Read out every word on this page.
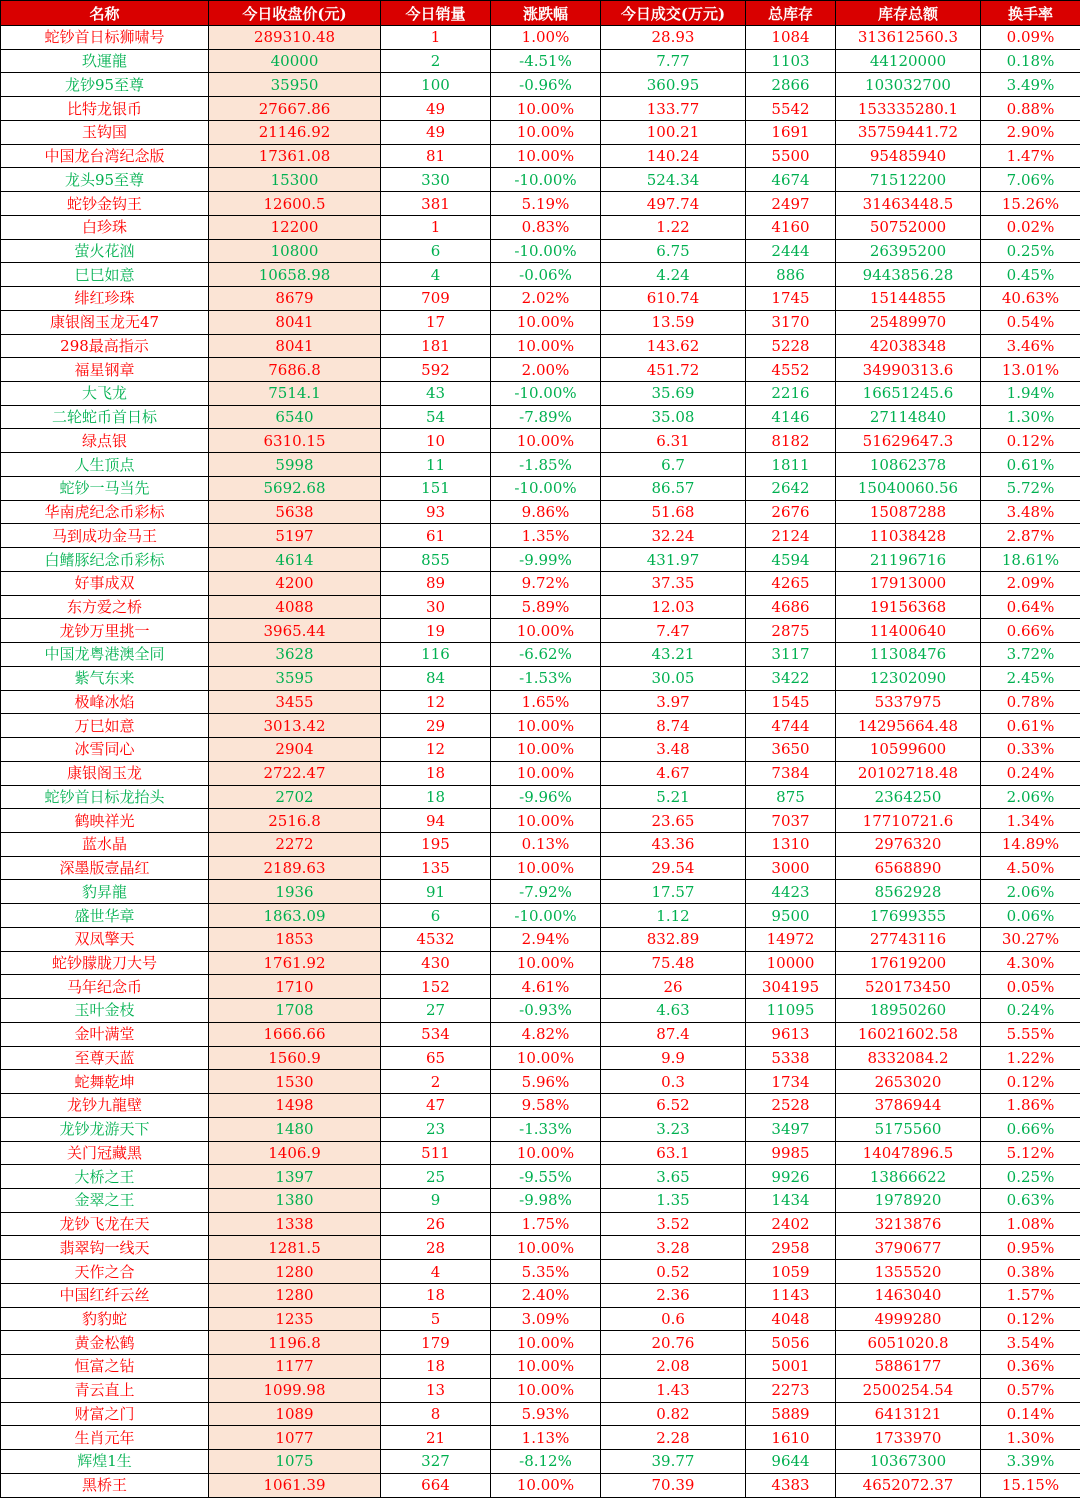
名称	今日收盘价(元)	今日销量	涨跌幅	今日成交(万元)	总库存	库存总额	换手率
蛇钞首日标狮啸号	289310.48	1	1.00%	28.93	1084	313612560.3	0.09%
玖運龍	40000	2	-4.51%	7.77	1103	44120000	0.18%
龙钞95至尊	35950	100	-0.96%	360.95	2866	103032700	3.49%
比特龙银币	27667.86	49	10.00%	133.77	5542	153335280.1	0.88%
玉钩国	21146.92	49	10.00%	100.21	1691	35759441.72	2.90%
中国龙台湾纪念版	17361.08	81	10.00%	140.24	5500	95485940	1.47%
龙头95至尊	15300	330	-10.00%	524.34	4674	71512200	7.06%
蛇钞金钩王	12600.5	381	5.19%	497.74	2497	31463448.5	15.26%
白珍珠	12200	1	0.83%	1.22	4160	50752000	0.02%
萤火花汹	10800	6	-10.00%	6.75	2444	26395200	0.25%
巳巳如意	10658.98	4	-0.06%	4.24	886	9443856.28	0.45%
绯红珍珠	8679	709	2.02%	610.74	1745	15144855	40.63%
康银阁玉龙无47	8041	17	10.00%	13.59	3170	25489970	0.54%
298最高指示	8041	181	10.00%	143.62	5228	42038348	3.46%
福星钢章	7686.8	592	2.00%	451.72	4552	34990313.6	13.01%
大飞龙	7514.1	43	-10.00%	35.69	2216	16651245.6	1.94%
二轮蛇币首日标	6540	54	-7.89%	35.08	4146	27114840	1.30%
绿点银	6310.15	10	10.00%	6.31	8182	51629647.3	0.12%
人生顶点	5998	11	-1.85%	6.7	1811	10862378	0.61%
蛇钞一马当先	5692.68	151	-10.00%	86.57	2642	15040060.56	5.72%
华南虎纪念币彩标	5638	93	9.86%	51.68	2676	15087288	3.48%
马到成功金马王	5197	61	1.35%	32.24	2124	11038428	2.87%
白鳍豚纪念币彩标	4614	855	-9.99%	431.97	4594	21196716	18.61%
好事成双	4200	89	9.72%	37.35	4265	17913000	2.09%
东方爱之桥	4088	30	5.89%	12.03	4686	19156368	0.64%
龙钞万里挑一	3965.44	19	10.00%	7.47	2875	11400640	0.66%
中国龙粤港澳全同	3628	116	-6.62%	43.21	3117	11308476	3.72%
紫气东来	3595	84	-1.53%	30.05	3422	12302090	2.45%
极峰冰焰	3455	12	1.65%	3.97	1545	5337975	0.78%
万巳如意	3013.42	29	10.00%	8.74	4744	14295664.48	0.61%
冰雪同心	2904	12	10.00%	3.48	3650	10599600	0.33%
康银阁玉龙	2722.47	18	10.00%	4.67	7384	20102718.48	0.24%
蛇钞首日标龙抬头	2702	18	-9.96%	5.21	875	2364250	2.06%
鹤映祥光	2516.8	94	10.00%	23.65	7037	17710721.6	1.34%
蓝水晶	2272	195	0.13%	43.36	1310	2976320	14.89%
深墨版壹晶红	2189.63	135	10.00%	29.54	3000	6568890	4.50%
豹昇龍	1936	91	-7.92%	17.57	4423	8562928	2.06%
盛世华章	1863.09	6	-10.00%	1.12	9500	17699355	0.06%
双凤擎天	1853	4532	2.94%	832.89	14972	27743116	30.27%
蛇钞朦胧刀大号	1761.92	430	10.00%	75.48	10000	17619200	4.30%
马年纪念币	1710	152	4.61%	26	304195	520173450	0.05%
玉叶金枝	1708	27	-0.93%	4.63	11095	18950260	0.24%
金叶满堂	1666.66	534	4.82%	87.4	9613	16021602.58	5.55%
至尊天蓝	1560.9	65	10.00%	9.9	5338	8332084.2	1.22%
蛇舞乾坤	1530	2	5.96%	0.3	1734	2653020	0.12%
龙钞九龍壁	1498	47	9.58%	6.52	2528	3786944	1.86%
龙钞龙游天下	1480	23	-1.33%	3.23	3497	5175560	0.66%
关门冠藏黑	1406.9	511	10.00%	63.1	9985	14047896.5	5.12%
大桥之王	1397	25	-9.55%	3.65	9926	13866622	0.25%
金翠之王	1380	9	-9.98%	1.35	1434	1978920	0.63%
龙钞飞龙在天	1338	26	1.75%	3.52	2402	3213876	1.08%
翡翠钩一线天	1281.5	28	10.00%	3.28	2958	3790677	0.95%
天作之合	1280	4	5.35%	0.52	1059	1355520	0.38%
中国红纤云丝	1280	18	2.40%	2.36	1143	1463040	1.57%
豹豹蛇	1235	5	3.09%	0.6	4048	4999280	0.12%
黄金松鹤	1196.8	179	10.00%	20.76	5056	6051020.8	3.54%
恒富之钻	1177	18	10.00%	2.08	5001	5886177	0.36%
青云直上	1099.98	13	10.00%	1.43	2273	2500254.54	0.57%
财富之门	1089	8	5.93%	0.82	5889	6413121	0.14%
生肖元年	1077	21	1.13%	2.28	1610	1733970	1.30%
辉煌1生	1075	327	-8.12%	39.77	9644	10367300	3.39%
黑桥王	1061.39	664	10.00%	70.39	4383	4652072.37	15.15%
